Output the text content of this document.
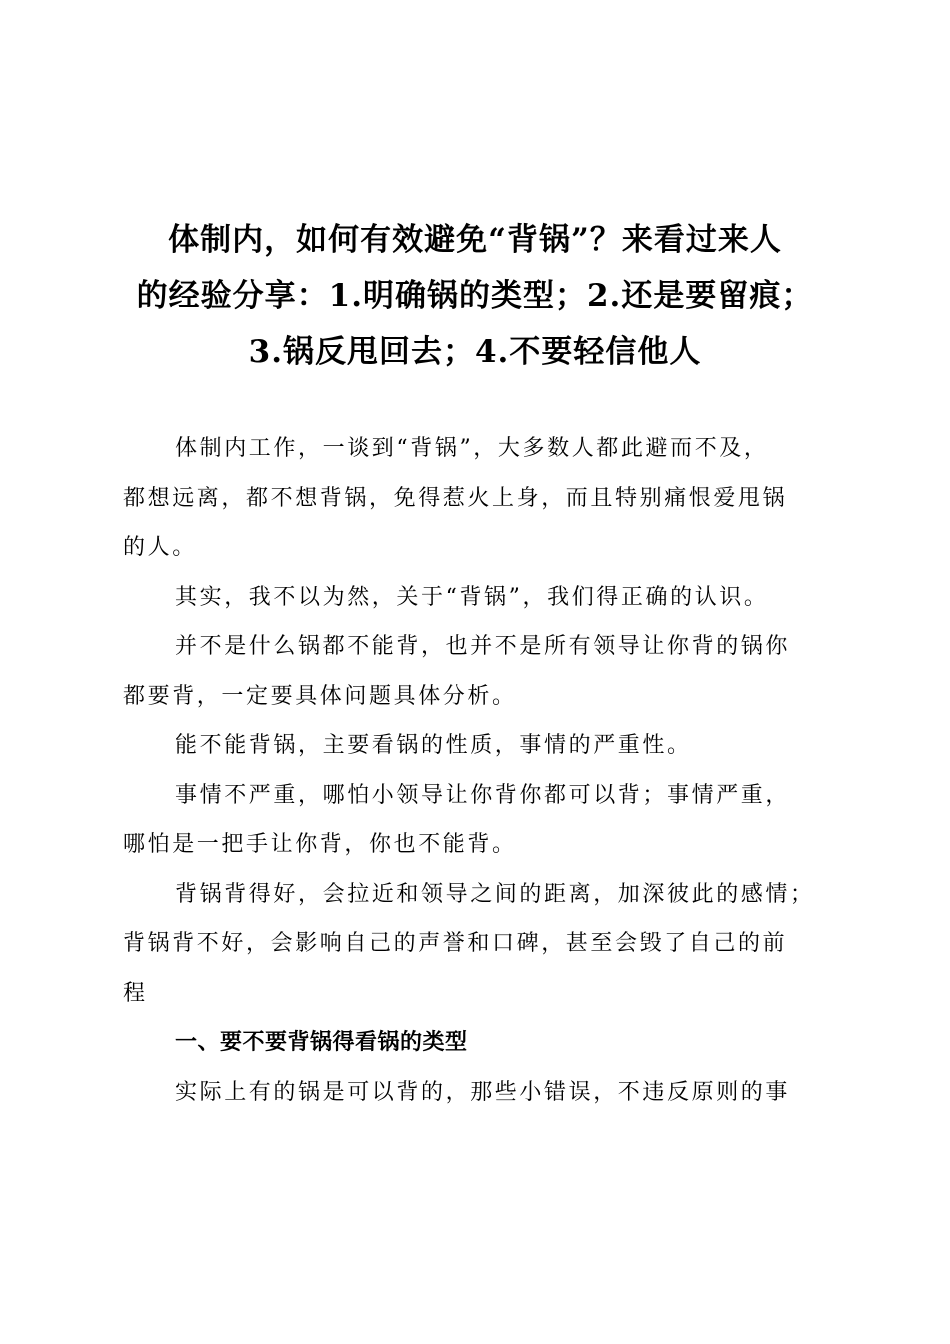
体制内，如何有效避免“背锅”？来看过来人
的经验分享：1.明确锅的类型；2.还是要留痕；
3.锅反甩回去；4.不要轻信他人

体制内工作，一谈到“背锅”，大多数人都此避而不及，
都想远离，都不想背锅，免得惹火上身，而且特别痛恨爱甩锅
的人。

其实，我不以为然，关于“背锅”，我们得正确的认识。

并不是什么锅都不能背，也并不是所有领导让你背的锅你
都要背，一定要具体问题具体分析。

能不能背锅，主要看锅的性质，事情的严重性。

事情不严重，哪怕小领导让你背你都可以背；事情严重，
哪怕是一把手让你背，你也不能背。

背锅背得好，会拉近和领导之间的距离，加深彼此的感情；
背锅背不好，会影响自己的声誉和口碑，甚至会毁了自己的前
程

一、要不要背锅得看锅的类型

实际上有的锅是可以背的，那些小错误，不违反原则的事
